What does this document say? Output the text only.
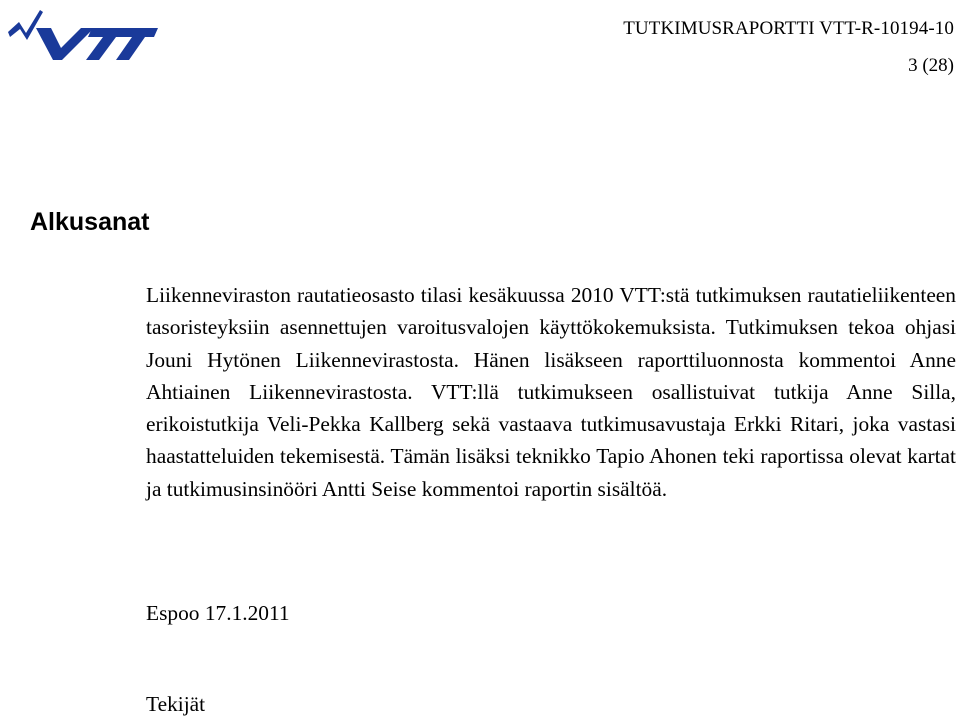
TUTKIMUSRAPORTTI VTT-R-10194-10
3 (28)
Alkusanat

Liikenneviraston rautatieosasto tilasi kesäkuussa 2010 VTT:stä tutkimuksen rautatieliikenteen tasoristeyksiin asennettujen varoitusvalojen käyttökokemuksista. Tutkimuksen tekoa ohjasi Jouni Hytönen Liikennevirastosta. Hänen lisäkseen raporttiluonnosta kommentoi Anne Ahtiainen Liikennevirastosta. VTT:llä tutkimukseen osallistuivat tutkija Anne Silla, erikoistutkija Veli-Pekka Kallberg sekä vastaava tutkimusavustaja Erkki Ritari, joka vastasi haastatteluiden tekemisestä. Tämän lisäksi teknikko Tapio Ahonen teki raportissa olevat kartat ja tutkimusinsinööri Antti Seise kommentoi raportin sisältöä.

Espoo 17.1.2011

Tekijät
